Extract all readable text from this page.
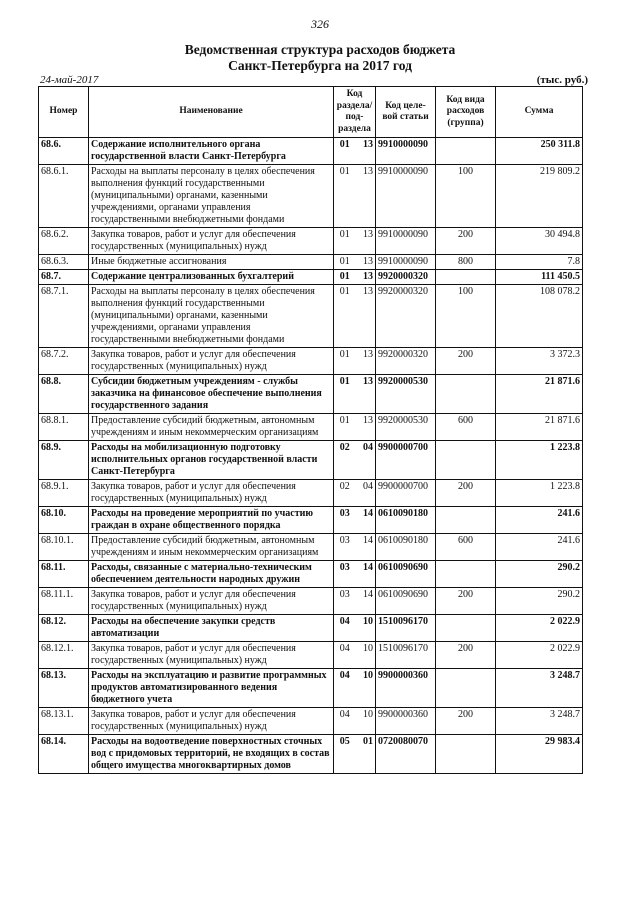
326
Ведомственная структура расходов бюджета
Санкт-Петербурга на 2017 год
24-май-2017	(тыс. руб.)
Номер	Наименование	Код раздела/ под- раздела		Код целе- вой статьи	Код вида расходов (группа)	Сумма
68.6.	Содержание исполнительного органа государственной власти Санкт-Петербурга	01	13	9910000090		250 311.8
68.6.1.	Расходы на выплаты персоналу в целях обеспечения выполнения функций государственными (муниципальными) органами, казенными учреждениями, органами управления государственными внебюджетными фондами	01	13	9910000090	100	219 809.2
68.6.2.	Закупка товаров, работ и услуг для обеспечения государственных (муниципальных) нужд	01	13	9910000090	200	30 494.8
68.6.3.	Иные бюджетные ассигнования	01	13	9910000090	800	7.8
68.7.	Содержание централизованных бухгалтерий	01	13	9920000320		111 450.5
68.7.1.	Расходы на выплаты персоналу в целях обеспечения выполнения функций государственными (муниципальными) органами, казенными учреждениями, органами управления государственными внебюджетными фондами	01	13	9920000320	100	108 078.2
68.7.2.	Закупка товаров, работ и услуг для обеспечения государственных (муниципальных) нужд	01	13	9920000320	200	3 372.3
68.8.	Субсидии бюджетным учреждениям - службы заказчика на финансовое обеспечение выполнения государственного задания	01	13	9920000530		21 871.6
68.8.1.	Предоставление субсидий бюджетным, автономным учреждениям и иным некоммерческим организациям	01	13	9920000530	600	21 871.6
68.9.	Расходы на мобилизационную подготовку исполнительных органов государственной власти Санкт-Петербурга	02	04	9900000700		1 223.8
68.9.1.	Закупка товаров, работ и услуг для обеспечения государственных (муниципальных) нужд	02	04	9900000700	200	1 223.8
68.10.	Расходы на проведение мероприятий по участию граждан в охране общественного порядка	03	14	0610090180		241.6
68.10.1.	Предоставление субсидий бюджетным, автономным учреждениям и иным некоммерческим организациям	03	14	0610090180	600	241.6
68.11.	Расходы, связанные с материально-техническим обеспечением деятельности народных дружин	03	14	0610090690		290.2
68.11.1.	Закупка товаров, работ и услуг для обеспечения государственных (муниципальных) нужд	03	14	0610090690	200	290.2
68.12.	Расходы на обеспечение закупки средств автоматизации	04	10	1510096170		2 022.9
68.12.1.	Закупка товаров, работ и услуг для обеспечения государственных (муниципальных) нужд	04	10	1510096170	200	2 022.9
68.13.	Расходы на эксплуатацию и развитие программных продуктов автоматизированного ведения бюджетного учета	04	10	9900000360		3 248.7
68.13.1.	Закупка товаров, работ и услуг для обеспечения государственных (муниципальных) нужд	04	10	9900000360	200	3 248.7
68.14.	Расходы на водоотведение поверхностных сточных вод с придомовых территорий, не входящих в состав общего имущества многоквартирных домов	05	01	0720080070		29 983.4
